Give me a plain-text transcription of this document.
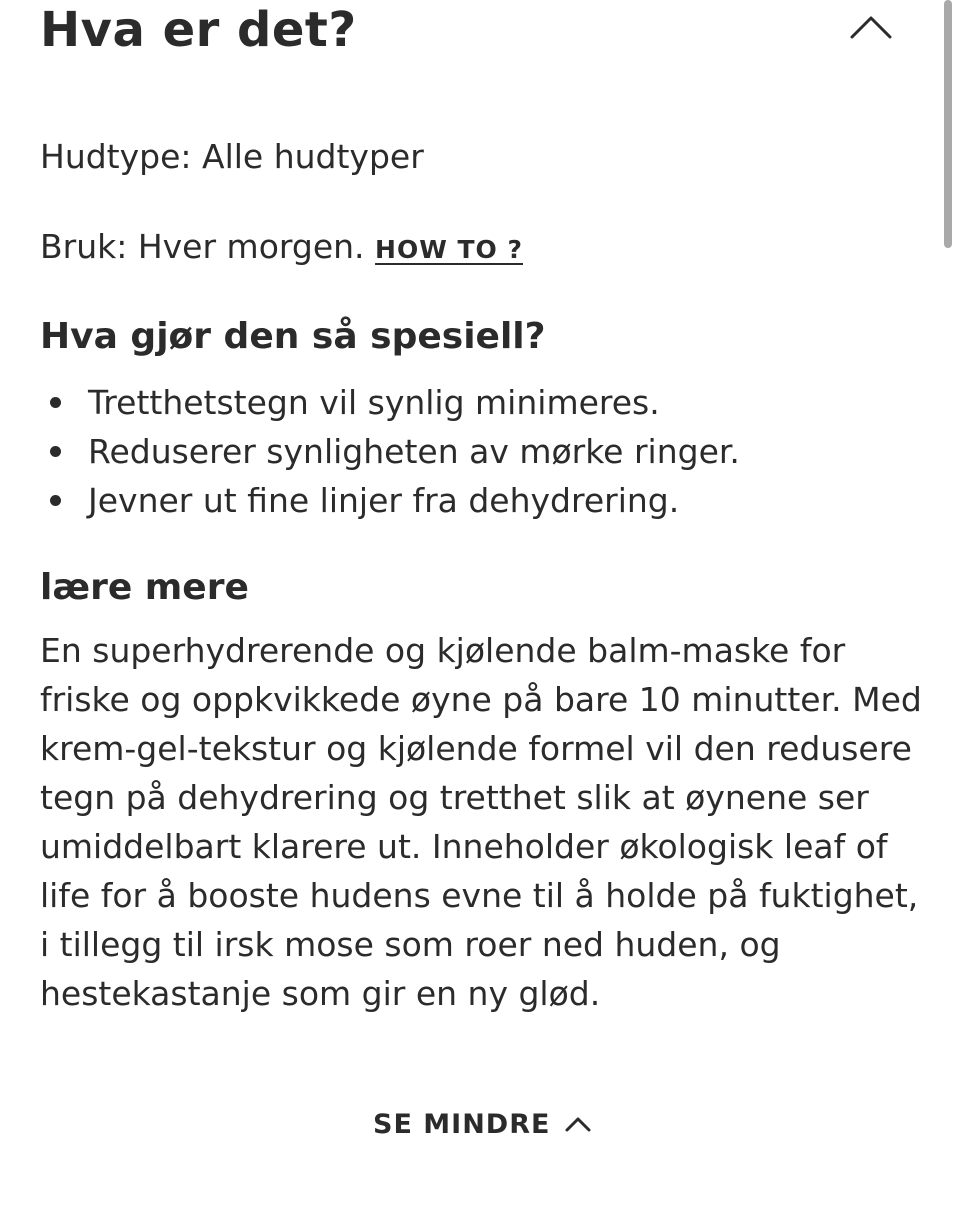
Hva er det?

Hudtype: Alle hudtyper

Bruk: Hver morgen. HOW TO ?

Hva gjør den så spesiell?
Tretthetstegn vil synlig minimeres.
Reduserer synligheten av mørke ringer.
Jevner ut fine linjer fra dehydrering.
lære mere

En superhydrerende og kjølende balm-maske for friske og oppkvikkede øyne på bare 10 minutter. Med krem-gel-tekstur og kjølende formel vil den redusere tegn på dehydrering og tretthet slik at øynene ser umiddelbart klarere ut. Inneholder økologisk leaf of life for å booste hudens evne til å holde på fuktighet, i tillegg til irsk mose som roer ned huden, og hestekastanje som gir en ny glød.

SE MINDRE
